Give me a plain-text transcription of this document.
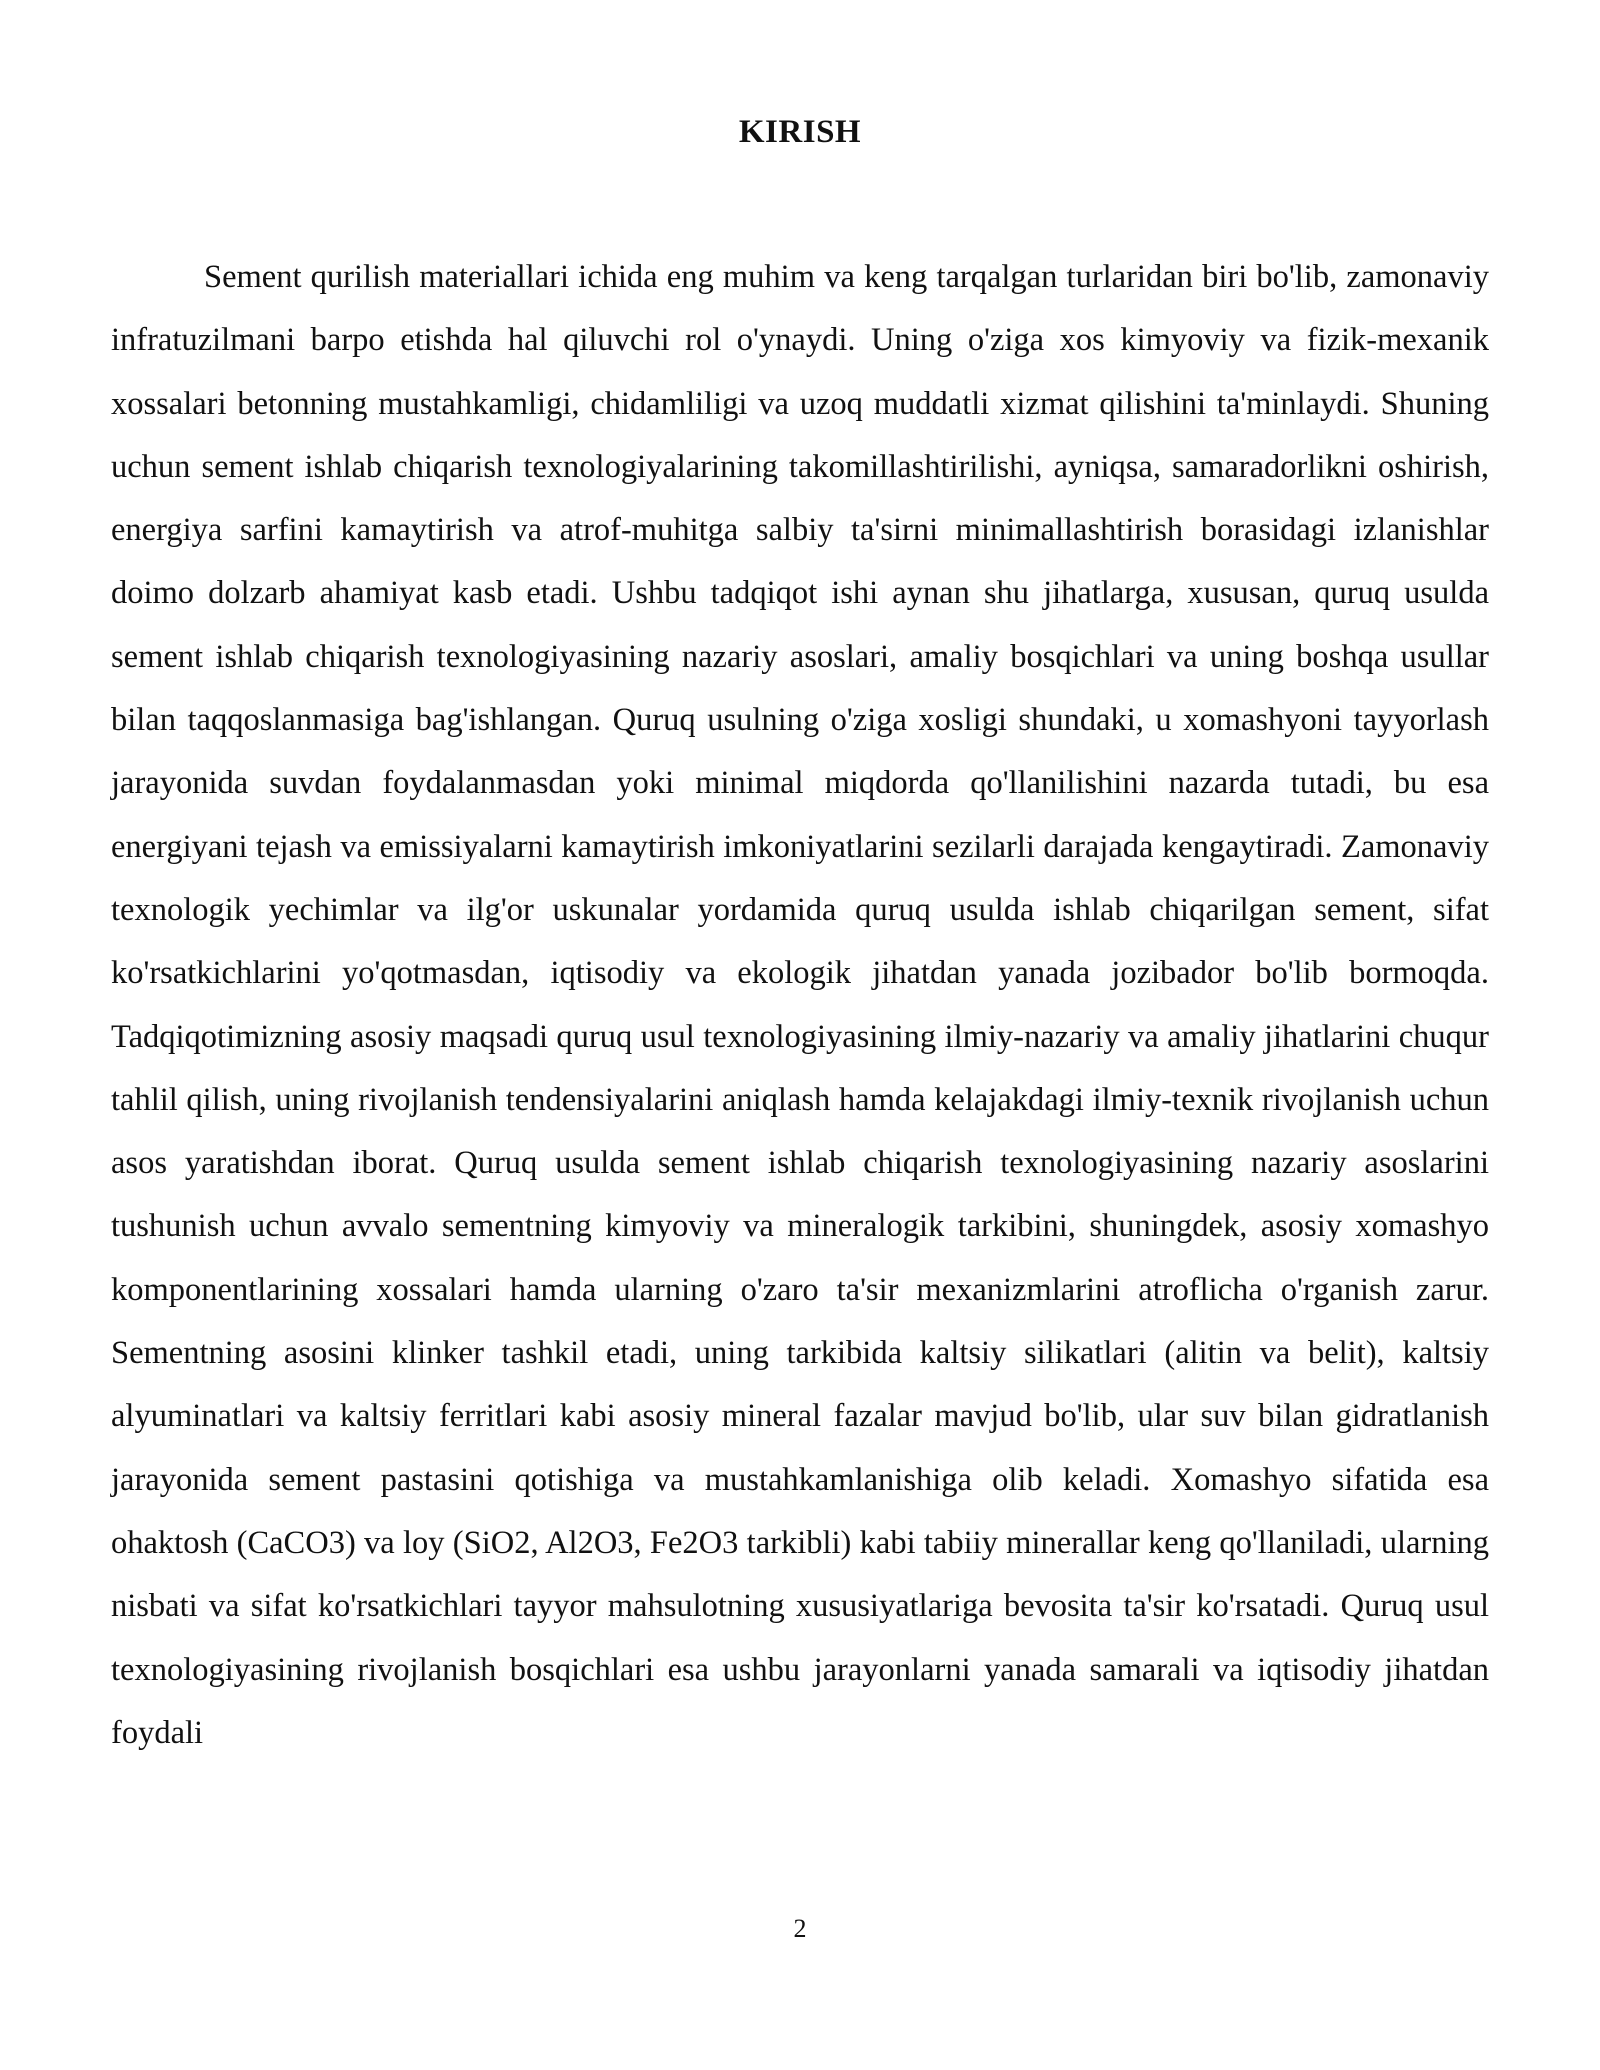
KIRISH

Sement qurilish materiallari ichida eng muhim va keng tarqalgan turlaridan biri bo'lib, zamonaviy infratuzilmani barpo etishda hal qiluvchi rol o'ynaydi. Uning o'ziga xos kimyoviy va fizik-mexanik xossalari betonning mustahkamligi, chidamliligi va uzoq muddatli xizmat qilishini ta'minlaydi. Shuning uchun sement ishlab chiqarish texnologiyalarining takomillashtirilishi, ayniqsa, samaradorlikni oshirish, energiya sarfini kamaytirish va atrof-muhitga salbiy ta'sirni minimallashtirish borasidagi izlanishlar doimo dolzarb ahamiyat kasb etadi. Ushbu tadqiqot ishi aynan shu jihatlarga, xususan, quruq usulda sement ishlab chiqarish texnologiyasining nazariy asoslari, amaliy bosqichlari va uning boshqa usullar bilan taqqoslanmasiga bag'ishlangan. Quruq usulning o'ziga xosligi shundaki, u xomashyoni tayyorlash jarayonida suvdan foydalanmasdan yoki minimal miqdorda qo'llanilishini nazarda tutadi, bu esa energiyani tejash va emissiyalarni kamaytirish imkoniyatlarini sezilarli darajada kengaytiradi. Zamonaviy texnologik yechimlar va ilg'or uskunalar yordamida quruq usulda ishlab chiqarilgan sement, sifat ko'rsatkichlarini yo'qotmasdan, iqtisodiy va ekologik jihatdan yanada jozibador bo'lib bormoqda. Tadqiqotimizning asosiy maqsadi quruq usul texnologiyasining ilmiy-nazariy va amaliy jihatlarini chuqur tahlil qilish, uning rivojlanish tendensiyalarini aniqlash hamda kelajakdagi ilmiy-texnik rivojlanish uchun asos yaratishdan iborat. Quruq usulda sement ishlab chiqarish texnologiyasining nazariy asoslarini tushunish uchun avvalo sementning kimyoviy va mineralogik tarkibini, shuningdek, asosiy xomashyo komponentlarining xossalari hamda ularning o'zaro ta'sir mexanizmlarini atroflicha o'rganish zarur. Sementning asosini klinker tashkil etadi, uning tarkibida kaltsiy silikatlari (alitin va belit), kaltsiy alyuminatlari va kaltsiy ferritlari kabi asosiy mineral fazalar mavjud bo'lib, ular suv bilan gidratlanish jarayonida sement pastasini qotishiga va mustahkamlanishiga olib keladi. Xomashyo sifatida esa ohaktosh (CaCO3) va loy (SiO2, Al2O3, Fe2O3 tarkibli) kabi tabiiy minerallar keng qo'llaniladi, ularning nisbati va sifat ko'rsatkichlari tayyor mahsulotning xususiyatlariga bevosita ta'sir ko'rsatadi. Quruq usul texnologiyasining rivojlanish bosqichlari esa ushbu jarayonlarni yanada samarali va iqtisodiy jihatdan foydali

2
